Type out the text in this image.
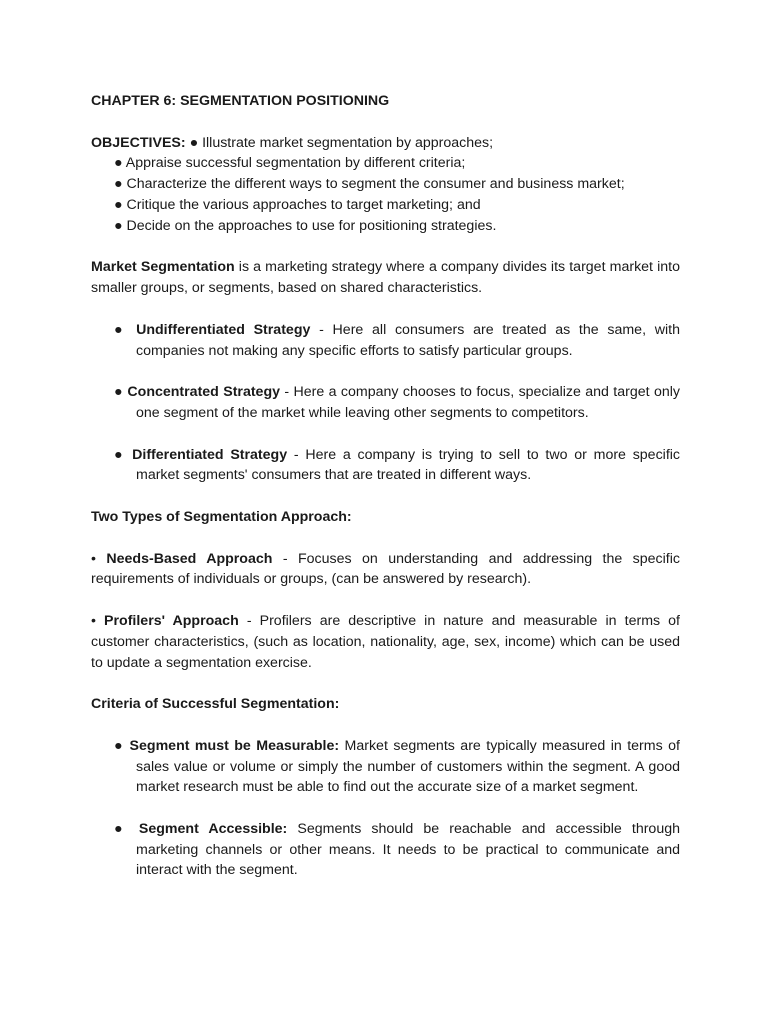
CHAPTER 6: SEGMENTATION POSITIONING

OBJECTIVES: ● Illustrate market segmentation by approaches;

● Appraise successful segmentation by different criteria;

● Characterize the different ways to segment the consumer and business market;

● Critique the various approaches to target marketing; and

● Decide on the approaches to use for positioning strategies.

Market Segmentation is a marketing strategy where a company divides its target market into smaller groups, or segments, based on shared characteristics.

● Undifferentiated Strategy - Here all consumers are treated as the same, with companies not making any specific efforts to satisfy particular groups.

● Concentrated Strategy - Here a company chooses to focus, specialize and target only one segment of the market while leaving other segments to competitors.

● Differentiated Strategy - Here a company is trying to sell to two or more specific market segments' consumers that are treated in different ways.

Two Types of Segmentation Approach:

• Needs-Based Approach - Focuses on understanding and addressing the specific requirements of individuals or groups, (can be answered by research).

• Profilers' Approach - Profilers are descriptive in nature and measurable in terms of customer characteristics, (such as location, nationality, age, sex, income) which can be used to update a segmentation exercise.

Criteria of Successful Segmentation:

● Segment must be Measurable: Market segments are typically measured in terms of sales value or volume or simply the number of customers within the segment. A good market research must be able to find out the accurate size of a market segment.

● Segment Accessible: Segments should be reachable and accessible through marketing channels or other means. It needs to be practical to communicate and interact with the segment.
